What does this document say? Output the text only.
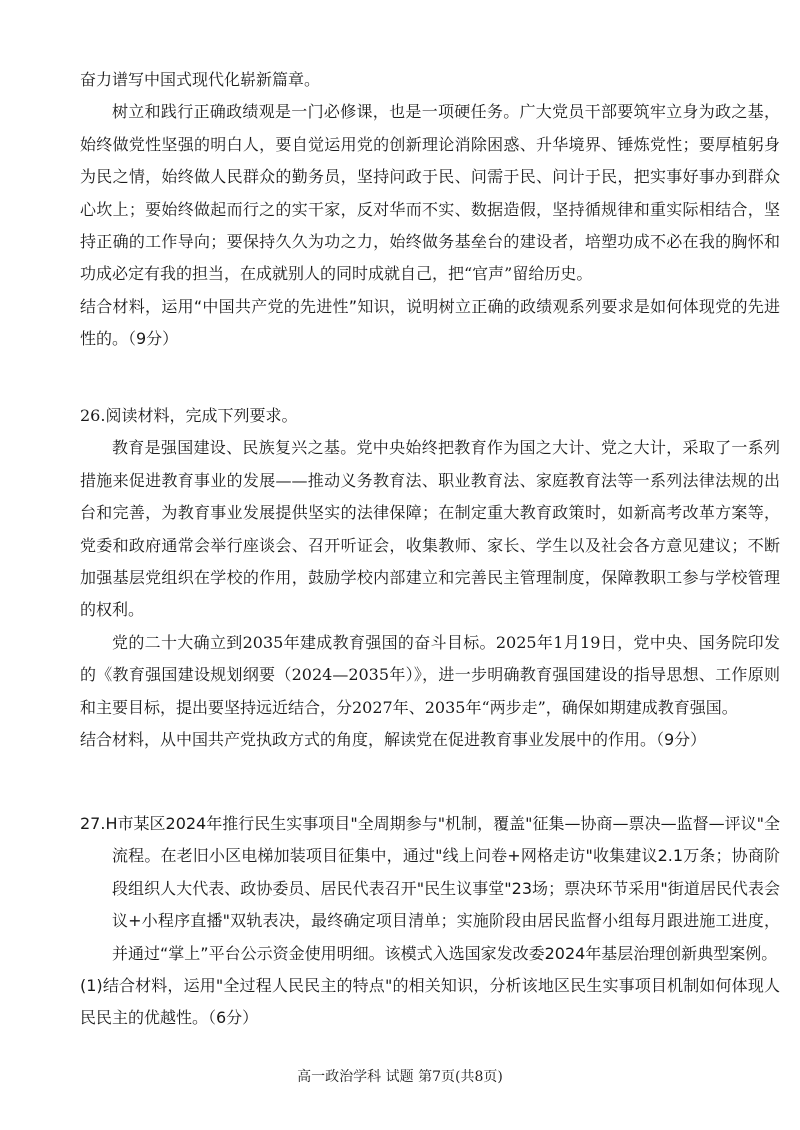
奋力谱写中国式现代化崭新篇章。

树立和践行正确政绩观是一门必修课，也是一项硬任务。广大党员干部要筑牢立身为政之基，始终做党性坚强的明白人，要自觉运用党的创新理论消除困惑、升华境界、锤炼党性；要厚植躬身为民之情，始终做人民群众的勤务员，坚持问政于民、问需于民、问计于民，把实事好事办到群众心坎上；要始终做起而行之的实干家，反对华而不实、数据造假，坚持循规律和重实际相结合，坚持正确的工作导向；要保持久久为功之力，始终做务基垒台的建设者，培塑功成不必在我的胸怀和功成必定有我的担当，在成就别人的同时成就自己，把“官声”留给历史。

结合材料，运用“中国共产党的先进性”知识，说明树立正确的政绩观系列要求是如何体现党的先进性的。（9分）

26.阅读材料，完成下列要求。

教育是强国建设、民族复兴之基。党中央始终把教育作为国之大计、党之大计，采取了一系列措施来促进教育事业的发展——推动义务教育法、职业教育法、家庭教育法等一系列法律法规的出台和完善，为教育事业发展提供坚实的法律保障；在制定重大教育政策时，如新高考改革方案等，党委和政府通常会举行座谈会、召开听证会，收集教师、家长、学生以及社会各方意见建议；不断加强基层党组织在学校的作用，鼓励学校内部建立和完善民主管理制度，保障教职工参与学校管理的权利。

党的二十大确立到2035年建成教育强国的奋斗目标。2025年1月19日，党中央、国务院印发的《教育强国建设规划纲要（2024—2035年）》，进一步明确教育强国建设的指导思想、工作原则和主要目标，提出要坚持远近结合，分2027年、2035年“两步走”，确保如期建成教育强国。

结合材料，从中国共产党执政方式的角度，解读党在促进教育事业发展中的作用。（9分）

27.H市某区2024年推行民生实事项目"全周期参与"机制，覆盖"征集—协商—票决—监督—评议"全流程。在老旧小区电梯加装项目征集中，通过"线上问卷+网格走访"收集建议2.1万条；协商阶段组织人大代表、政协委员、居民代表召开"民生议事堂"23场；票决环节采用"街道居民代表会议+小程序直播"双轨表决，最终确定项目清单；实施阶段由居民监督小组每月跟进施工进度，并通过“掌上”平台公示资金使用明细。该模式入选国家发改委2024年基层治理创新典型案例。

(1)结合材料，运用"全过程人民民主的特点"的相关知识，分析该地区民生实事项目机制如何体现人民民主的优越性。（6分）

高一政治学科 试题 第7页(共8页)
